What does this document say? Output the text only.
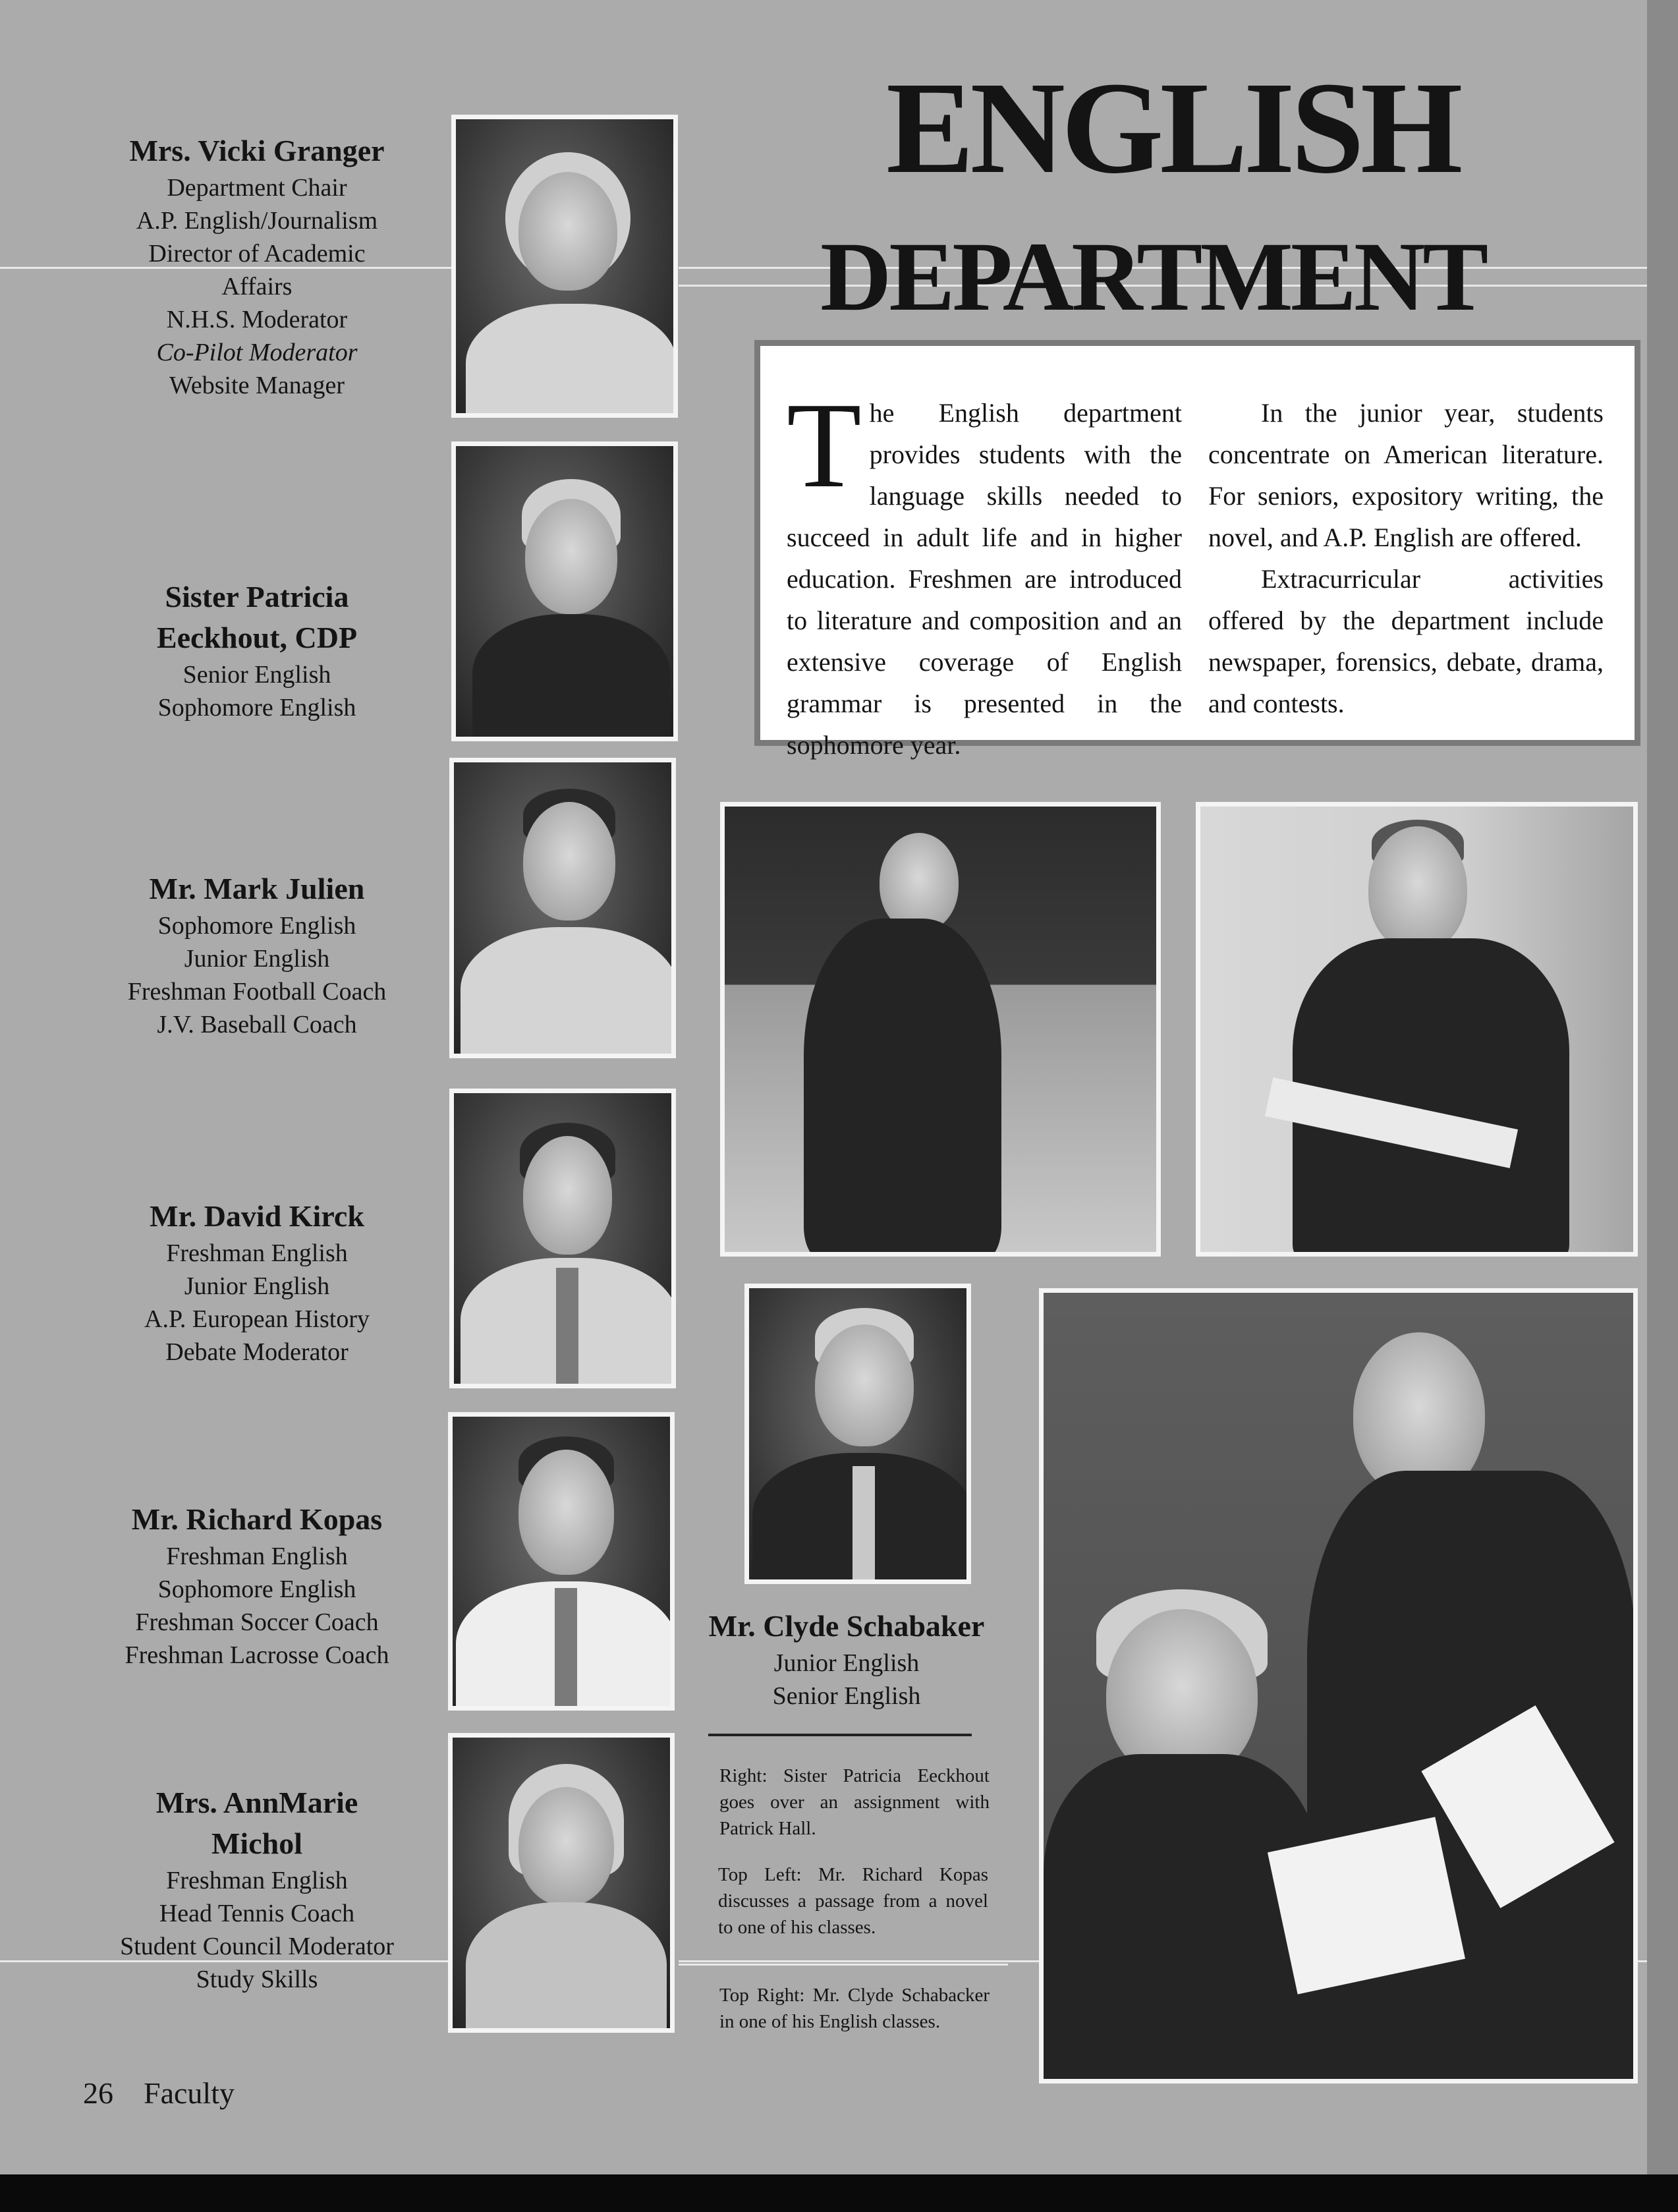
ENGLISH
DEPARTMENT
T he English department provides students with the language skills needed to succeed in adult life and in higher education. Freshmen are introduced to literature and composition and an extensive coverage of English grammar is presented in the sophomore year.
In the junior year, students concentrate on American literature. For seniors, expository writing, the novel, and A.P. English are offered.
Extracurricular activities offered by the department include newspaper, forensics, debate, drama, and contests.
Mrs. Vicki Granger
Department Chair
A.P. English/Journalism
Director of Academic
Affairs
N.H.S. Moderator
Co-Pilot Moderator
Website Manager
Sister Patricia
Eeckhout, CDP
Senior English
Sophomore English
Mr. Mark Julien
Sophomore English
Junior English
Freshman Football Coach
J.V. Baseball Coach
Mr. David Kirck
Freshman English
Junior English
A.P. European History
Debate Moderator
Mr. Richard Kopas
Freshman English
Sophomore English
Freshman Soccer Coach
Freshman Lacrosse Coach
Mrs. AnnMarie
Michol
Freshman English
Head Tennis Coach
Student Council Moderator
Study Skills
Mr. Clyde Schabaker
Junior English
Senior English
Right: Sister Patricia Eeckhout goes over an assignment with Patrick Hall.
Top Left: Mr. Richard Kopas discusses a passage from a novel to one of his classes.
Top Right: Mr. Clyde Schabacker in one of his English classes.
26 Faculty
